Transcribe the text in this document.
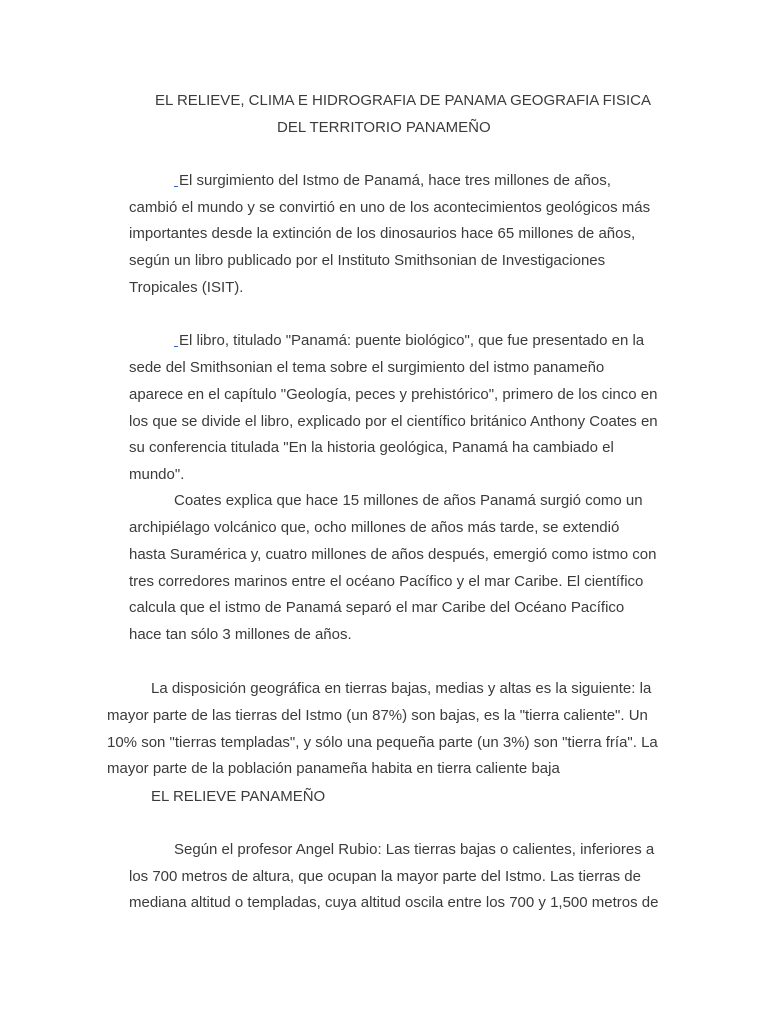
EL RELIEVE, CLIMA E HIDROGRAFIA DE PANAMA GEOGRAFIA FISICA
DEL TERRITORIO PANAMEÑO
El surgimiento del Istmo de Panamá, hace tres millones de años,
cambió el mundo y se convirtió en uno de los acontecimientos geológicos más
importantes desde la extinción de los dinosaurios hace 65 millones de años,
según un libro publicado por el Instituto Smithsonian de Investigaciones
Tropicales (ISIT).
El libro, titulado "Panamá: puente biológico", que fue presentado en la
sede del Smithsonian el tema sobre el surgimiento del istmo panameño
aparece en el capítulo "Geología, peces y prehistórico", primero de los cinco en
los que se divide el libro, explicado por el científico británico Anthony Coates en
su conferencia titulada "En la historia geológica, Panamá ha cambiado el
mundo".
Coates explica que hace 15 millones de años Panamá surgió como un
archipiélago volcánico que, ocho millones de años más tarde, se extendió
hasta Suramérica y, cuatro millones de años después, emergió como istmo con
tres corredores marinos entre el océano Pacífico y el mar Caribe. El científico
calcula que el istmo de Panamá separó el mar Caribe del Océano Pacífico
hace tan sólo 3 millones de años.
La disposición geográfica en tierras bajas, medias y altas es la siguiente: la
mayor parte de las tierras del Istmo (un 87%) son bajas, es la "tierra caliente". Un
10% son "tierras templadas", y sólo una pequeña parte (un 3%) son "tierra fría". La
mayor parte de la población panameña habita en tierra caliente baja
EL RELIEVE PANAMEÑO
Según el profesor Angel Rubio: Las tierras bajas o calientes, inferiores a
los 700 metros de altura, que ocupan la mayor parte del Istmo. Las tierras de
mediana altitud o templadas, cuya altitud oscila entre los 700 y 1,500 metros de
